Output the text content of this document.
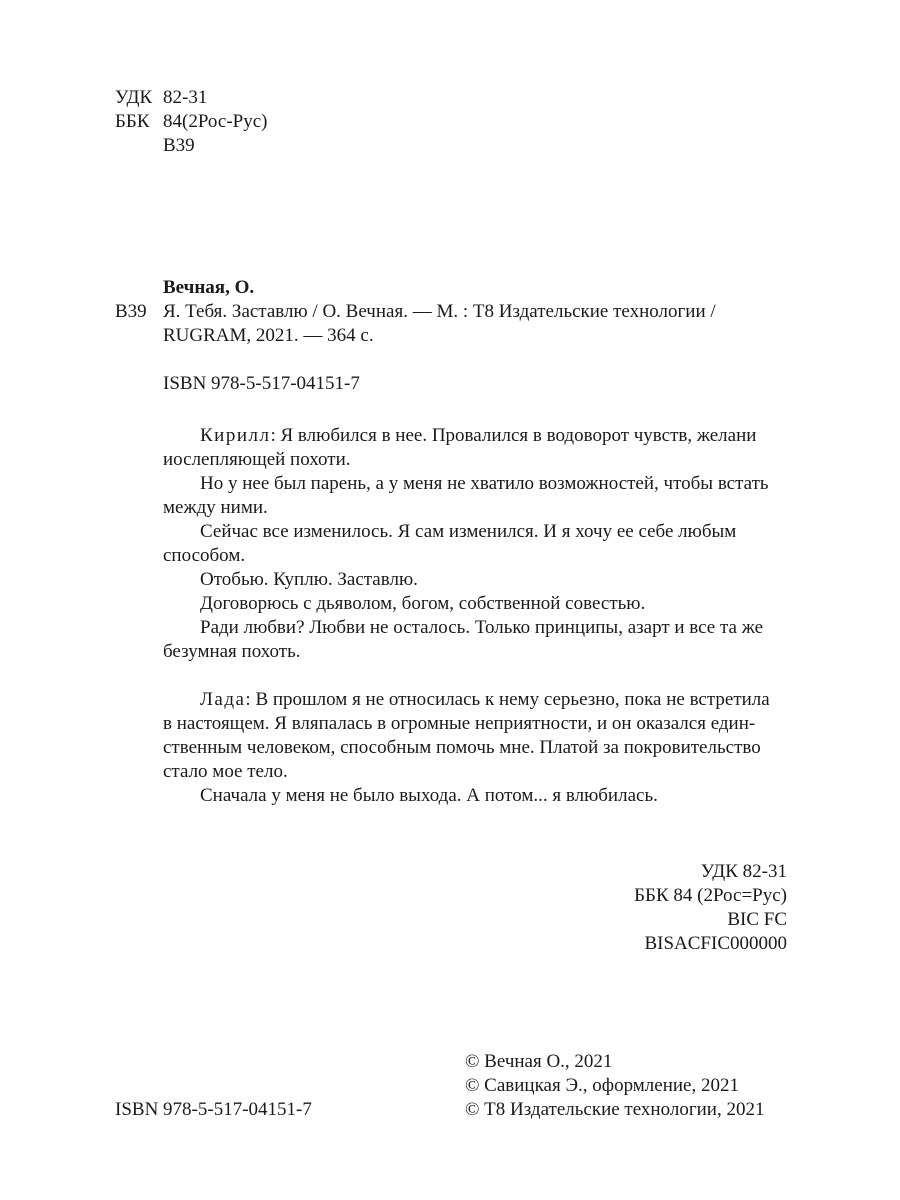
УДК 82-31
ББК 84(2Рос-Рус)
В39
Вечная, О.
В39 Я. Тебя. Заставлю / О. Вечная. — М. : Т8 Издательские технологии /
RUGRAM, 2021. — 364 с.
ISBN 978-5-517-04151-7
Кирилл: Я влюбился в нее. Провалился в водоворот чувств, желани
иослепляющей похоти.
Но у нее был парень, а у меня не хватило возможностей, чтобы встать
между ними.
Сейчас все изменилось. Я сам изменился. И я хочу ее себе любым
способом.
Отобью. Куплю. Заставлю.
Договорюсь с дьяволом, богом, собственной совестью.
Ради любви? Любви не осталось. Только принципы, азарт и все та же
безумная похоть.
Лада: В прошлом я не относилась к нему серьезно, пока не встретила
в настоящем. Я вляпалась в огромные неприятности, и он оказался един-
ственным человеком, способным помочь мне. Платой за покровительство
стало мое тело.
Сначала у меня не было выхода. А потом... я влюбилась.
УДК 82-31
ББК 84 (2Рос=Рус)
BIC FC
BISACFIC000000
© Вечная О., 2021
© Савицкая Э., оформление, 2021
© Т8 Издательские технологии, 2021
ISBN 978-5-517-04151-7
